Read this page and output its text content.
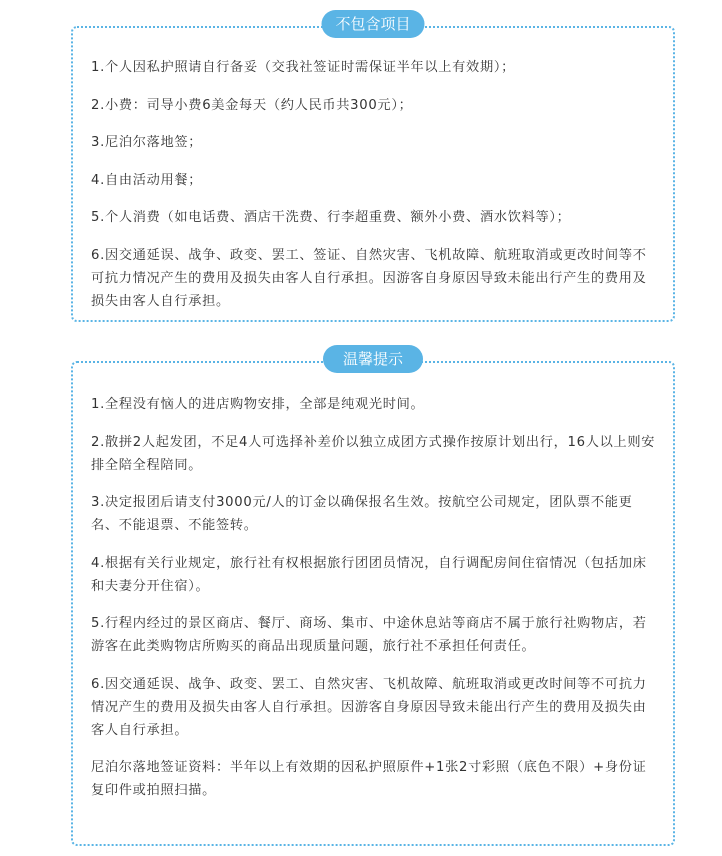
不包含项目

1.个人因私护照请自行备妥（交我社签证时需保证半年以上有效期）；

2.小费：司导小费6美金每天（约人民币共300元）；

3.尼泊尔落地签；

4.自由活动用餐；

5.个人消费（如电话费、酒店干洗费、行李超重费、额外小费、酒水饮料等）；

6.因交通延误、战争、政变、罢工、签证、自然灾害、飞机故障、航班取消或更改时间等不可抗力情况产生的费用及损失由客人自行承担。因游客自身原因导致未能出行产生的费用及损失由客人自行承担。

温馨提示

1.全程没有恼人的进店购物安排，全部是纯观光时间。

2.散拼2人起发团，不足4人可选择补差价以独立成团方式操作按原计划出行，16人以上则安排全陪全程陪同。

3.决定报团后请支付3000元/人的订金以确保报名生效。按航空公司规定，团队票不能更名、不能退票、不能签转。

4.根据有关行业规定，旅行社有权根据旅行团团员情况，自行调配房间住宿情况（包括加床和夫妻分开住宿）。

5.行程内经过的景区商店、餐厅、商场、集市、中途休息站等商店不属于旅行社购物店，若游客在此类购物店所购买的商品出现质量问题，旅行社不承担任何责任。

6.因交通延误、战争、政变、罢工、自然灾害、飞机故障、航班取消或更改时间等不可抗力情况产生的费用及损失由客人自行承担。因游客自身原因导致未能出行产生的费用及损失由客人自行承担。

尼泊尔落地签证资料：半年以上有效期的因私护照原件+1张2寸彩照（底色不限）+身份证复印件或拍照扫描。
